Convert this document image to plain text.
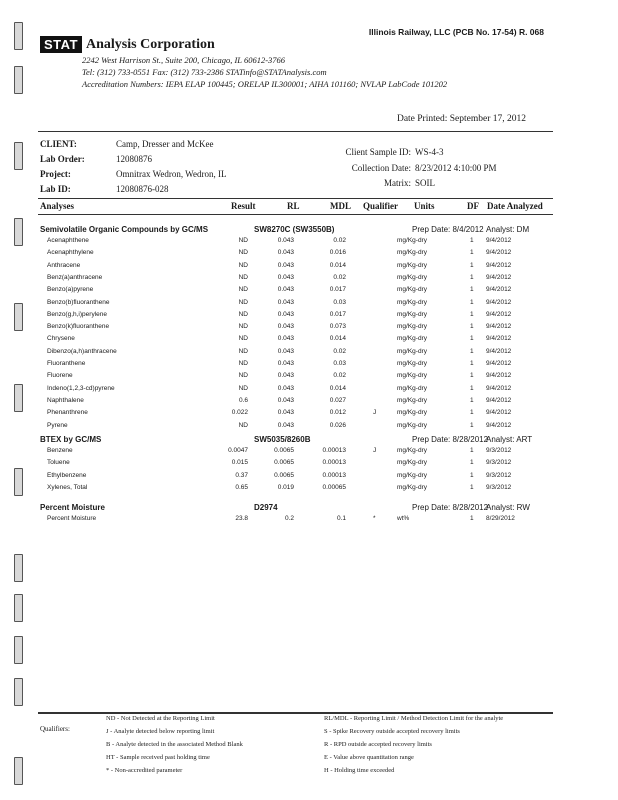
Illinois Railway, LLC (PCB No. 17-54) R. 068
STAT Analysis Corporation
2242 West Harrison St., Suite 200, Chicago, IL 60612-3766
Tel: (312) 733-0551 Fax: (312) 733-2386 STATinfo@STATAnalysis.com
Accreditation Numbers: IEPA ELAP 100445; ORELAP IL300001; AIHA 101160; NVLAP LabCode 101202
Date Printed: September 17, 2012
CLIENT:	Camp, Dresser and McKee
Lab Order:	12080876
Project:	Omnitrax Wedron, Wedron, IL
Lab ID:	12080876-028
Client Sample ID: WS-4-3
Collection Date: 8/23/2012 4:10:00 PM
Matrix: SOIL
Analyses	Result	RL	MDL Qualifier Units	DF Date Analyzed
Semivolatile Organic Compounds by GC/MS	SW8270C (SW3550B)	Prep Date: 8/4/2012 Analyst: DM
Acenaphthene	ND	0.043	0.02	mg/Kg-dry	1 9/4/2012
Acenaphthylene	ND	0.043	0.016	mg/Kg-dry	1 9/4/2012
Anthracene	ND	0.043	0.014	mg/Kg-dry	1 9/4/2012
Benz(a)anthracene	ND	0.043	0.02	mg/Kg-dry	1 9/4/2012
Benzo(a)pyrene	ND	0.043	0.017	mg/Kg-dry	1 9/4/2012
Benzo(b)fluoranthene	ND	0.043	0.03	mg/Kg-dry	1 9/4/2012
Benzo(g,h,i)perylene	ND	0.043	0.017	mg/Kg-dry	1 9/4/2012
Benzo(k)fluoranthene	ND	0.043	0.073	mg/Kg-dry	1 9/4/2012
Chrysene	ND	0.043	0.014	mg/Kg-dry	1 9/4/2012
Dibenzo(a,h)anthracene	ND	0.043	0.02	mg/Kg-dry	1 9/4/2012
Fluoranthene	ND	0.043	0.03	mg/Kg-dry	1 9/4/2012
Fluorene	ND	0.043	0.02	mg/Kg-dry	1 9/4/2012
Indeno(1,2,3-cd)pyrene	ND	0.043	0.014	mg/Kg-dry	1 9/4/2012
Naphthalene	0.6	0.043	0.027	mg/Kg-dry	1 9/4/2012
Phenanthrene	0.022	0.043	0.012	J	mg/Kg-dry	1 9/4/2012
Pyrene	ND	0.043	0.026	mg/Kg-dry	1 9/4/2012
BTEX by GC/MS	SW5035/8260B	Prep Date: 8/28/2012
Analyst: ART
Benzene	0.0047	0.0065	0.00013	J	mg/Kg-dry	1 9/3/2012
Toluene	0.015	0.0065	0.00013	mg/Kg-dry	1 9/3/2012
Ethylbenzene	0.37	0.0065	0.00013	mg/Kg-dry	1 9/3/2012
Xylenes, Total	0.65	0.019	0.00065	mg/Kg-dry	1 9/3/2012
Percent Moisture	D2974	Prep Date: 8/28/2012
Analyst: RW
Percent Moisture	23.8	0.2	0.1	*	wt%	1 8/29/2012
Qualifiers:
ND - Not Detected at the Reporting Limit
J - Analyte detected below reporting limit
B - Analyte detected in the associated Method Blank
HT - Sample received past holding time
* - Non-accredited parameter
RL/MDL - Reporting Limit / Method Detection Limit for the analyte
S - Spike Recovery outside accepted recovery limits
R - RPD outside accepted recovery limits
E - Value above quantitation range
H - Holding time exceeded
